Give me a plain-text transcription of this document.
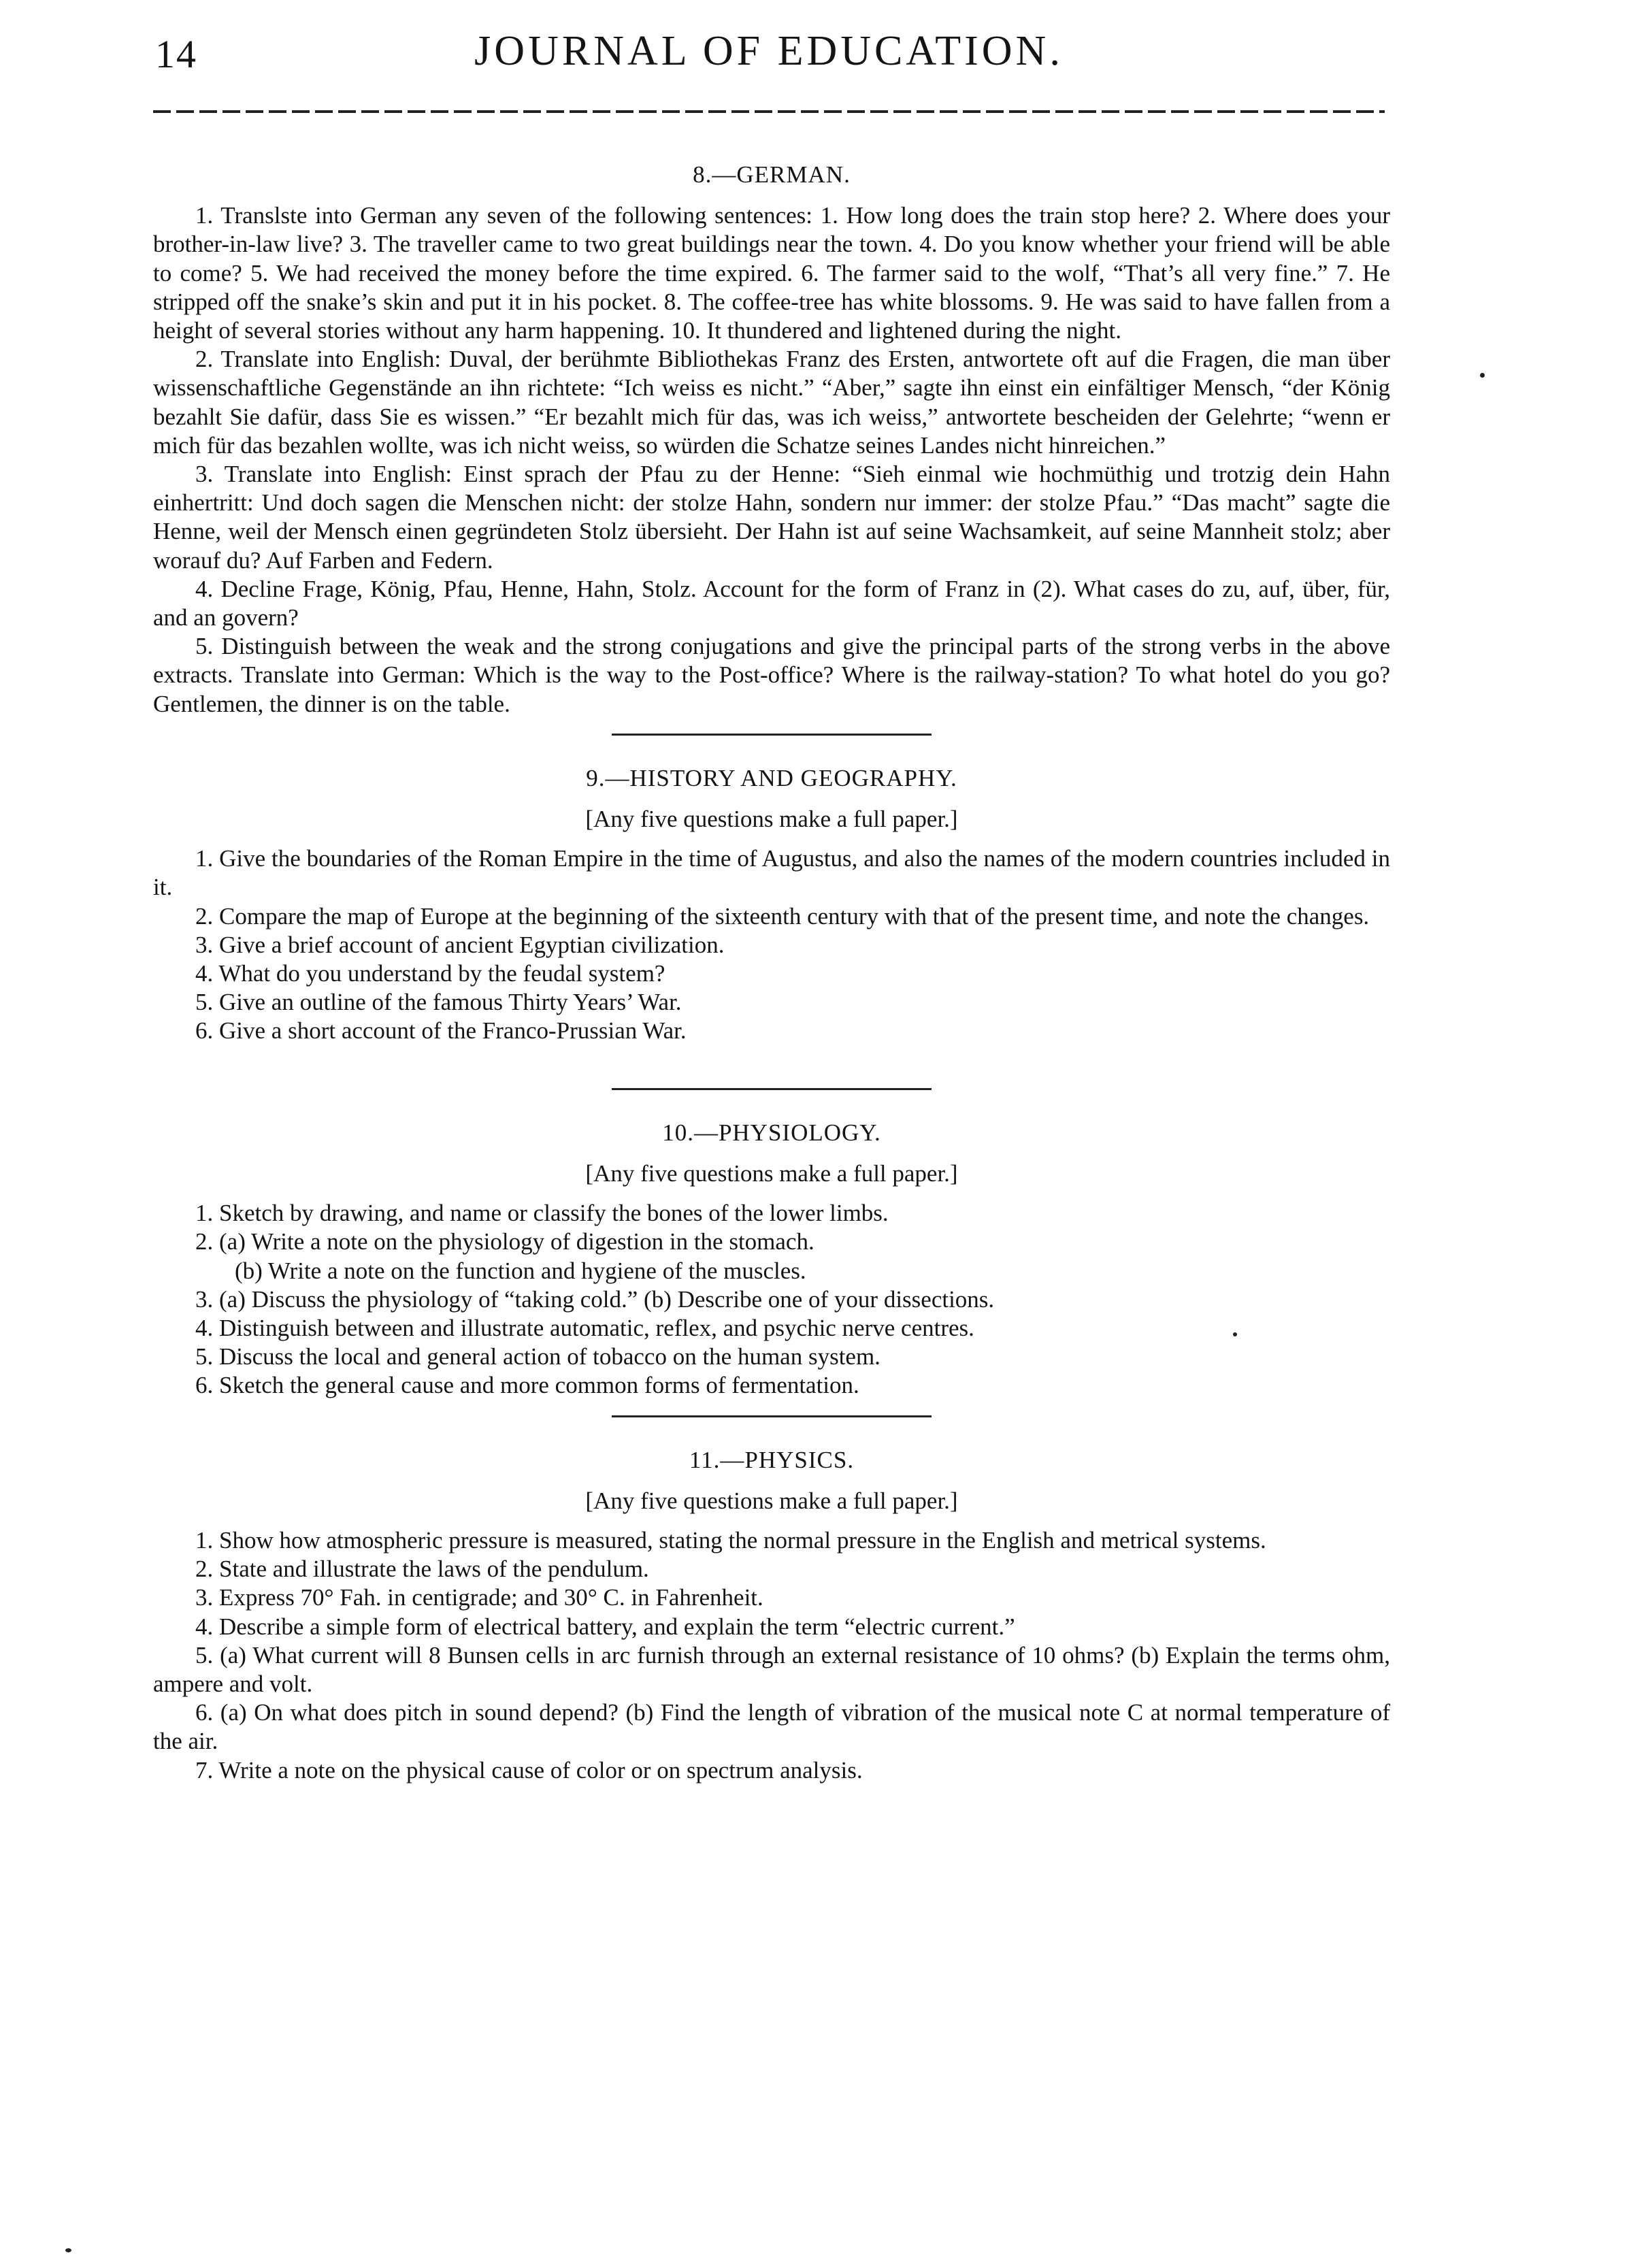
14	JOURNAL OF EDUCATION.
8.—GERMAN.

1. Translste into German any seven of the following sentences: 1. How long does the train stop here? 2. Where does your brother-in-law live? 3. The traveller came to two great buildings near the town. 4. Do you know whether your friend will be able to come? 5. We had received the money before the time expired. 6. The farmer said to the wolf, “That’s all very fine.” 7. He stripped off the snake’s skin and put it in his pocket. 8. The coffee-tree has white blossoms. 9. He was said to have fallen from a height of several stories without any harm happening. 10. It thundered and lightened during the night.

2. Translate into English: Duval, der berühmte Bibliothekas Franz des Ersten, antwortete oft auf die Fragen, die man über wissenschaftliche Gegenstände an ihn richtete: “Ich weiss es nicht.” “Aber,” sagte ihn einst ein einfältiger Mensch, “der König bezahlt Sie dafür, dass Sie es wissen.” “Er bezahlt mich für das, was ich weiss,” antwortete bescheiden der Gelehrte; “wenn er mich für das bezahlen wollte, was ich nicht weiss, so würden die Schatze seines Landes nicht hinreichen.”

3. Translate into English: Einst sprach der Pfau zu der Henne: “Sieh einmal wie hochmüthig und trotzig dein Hahn einhertritt: Und doch sagen die Menschen nicht: der stolze Hahn, sondern nur immer: der stolze Pfau.” “Das macht” sagte die Henne, weil der Mensch einen gegründeten Stolz übersieht. Der Hahn ist auf seine Wachsamkeit, auf seine Mannheit stolz; aber worauf du? Auf Farben and Federn.

4. Decline Frage, König, Pfau, Henne, Hahn, Stolz. Account for the form of Franz in (2). What cases do zu, auf, über, für, and an govern?

5. Distinguish between the weak and the strong conjugations and give the principal parts of the strong verbs in the above extracts. Translate into German: Which is the way to the Post-office? Where is the railway-station? To what hotel do you go? Gentlemen, the dinner is on the table.

9.—HISTORY AND GEOGRAPHY.
[Any five questions make a full paper.]

1. Give the boundaries of the Roman Empire in the time of Augustus, and also the names of the modern countries included in it.

2. Compare the map of Europe at the beginning of the sixteenth century with that of the present time, and note the changes.

3. Give a brief account of ancient Egyptian civilization.

4. What do you understand by the feudal system?

5. Give an outline of the famous Thirty Years’ War.

6. Give a short account of the Franco-Prussian War.

10.—PHYSIOLOGY.
[Any five questions make a full paper.]

1. Sketch by drawing, and name or classify the bones of the lower limbs.

2. (a) Write a note on the physiology of digestion in the stomach.

(b) Write a note on the function and hygiene of the muscles.

3. (a) Discuss the physiology of “taking cold.” (b) Describe one of your dissections.

4. Distinguish between and illustrate automatic, reflex, and psychic nerve centres.

5. Discuss the local and general action of tobacco on the human system.

6. Sketch the general cause and more common forms of fermentation.

11.—PHYSICS.
[Any five questions make a full paper.]

1. Show how atmospheric pressure is measured, stating the normal pressure in the English and metrical systems.

2. State and illustrate the laws of the pendulum.

3. Express 70° Fah. in centigrade; and 30° C. in Fahrenheit.

4. Describe a simple form of electrical battery, and explain the term “electric current.”

5. (a) What current will 8 Bunsen cells in arc furnish through an external resistance of 10 ohms? (b) Explain the terms ohm, ampere and volt.

6. (a) On what does pitch in sound depend? (b) Find the length of vibration of the musical note C at normal temperature of the air.

7. Write a note on the physical cause of color or on spectrum analysis.
